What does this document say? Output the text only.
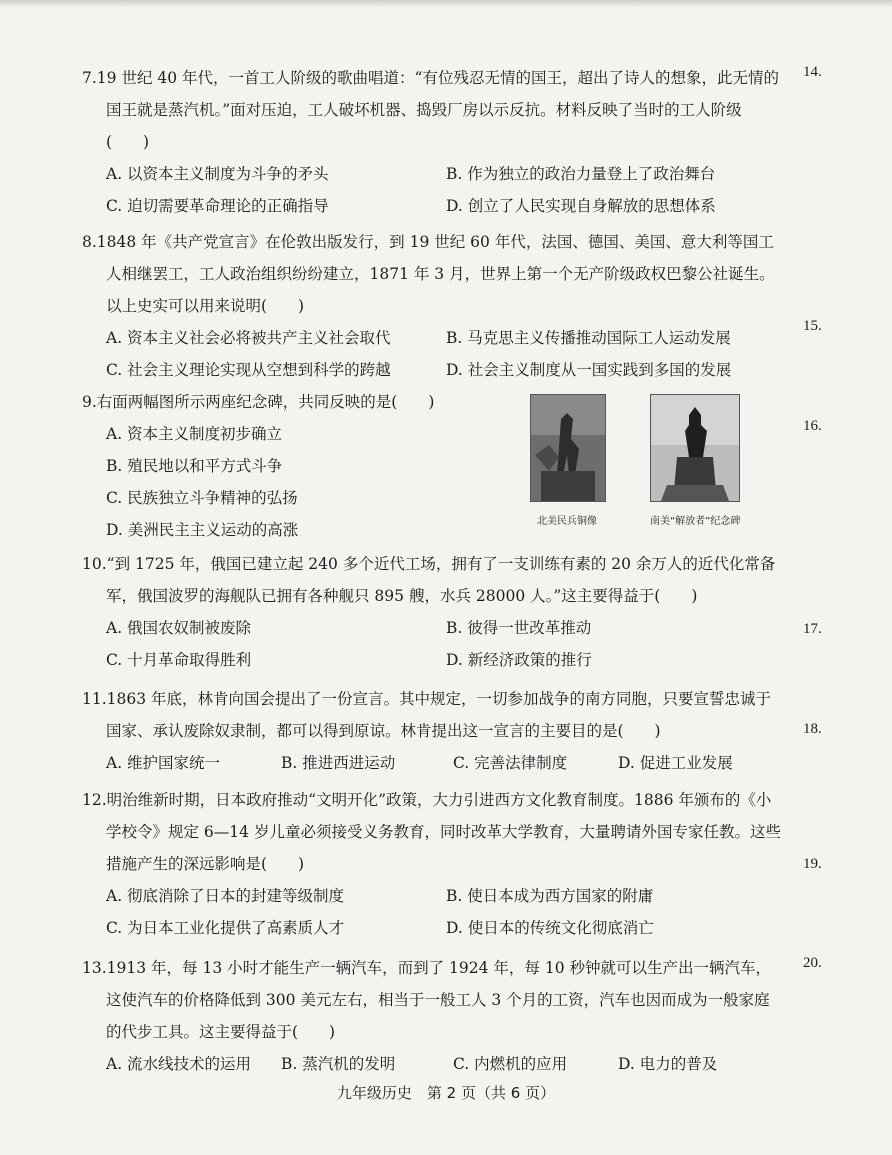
14.
15.
16.
17.
18.
19.
20.

7.19 世纪 40 年代，一首工人阶级的歌曲唱道：“有位残忍无情的国王，超出了诗人的想象，此无情的国王就是蒸汽机。”面对压迫，工人破坏机器、捣毁厂房以示反抗。材料反映了当时的工人阶级(　　)

A. 以资本主义制度为斗争的矛头	B. 作为独立的政治力量登上了政治舞台
C. 迫切需要革命理论的正确指导	D. 创立了人民实现自身解放的思想体系

8.1848 年《共产党宣言》在伦敦出版发行，到 19 世纪 60 年代，法国、德国、美国、意大利等国工人相继罢工，工人政治组织纷纷建立，1871 年 3 月，世界上第一个无产阶级政权巴黎公社诞生。以上史实可以用来说明(　　)

A. 资本主义社会必将被共产主义社会取代	B. 马克思主义传播推动国际工人运动发展
C. 社会主义理论实现从空想到科学的跨越	D. 社会主义制度从一国实践到多国的发展

9.右面两幅图所示两座纪念碑，共同反映的是(　　)

A. 资本主义制度初步确立
B. 殖民地以和平方式斗争
C. 民族独立斗争精神的弘扬
D. 美洲民主主义运动的高涨	北美民兵铜像	南美“解放者”纪念碑

10.“到 1725 年，俄国已建立起 240 多个近代工场，拥有了一支训练有素的 20 余万人的近代化常备军，俄国波罗的海舰队已拥有各种舰只 895 艘，水兵 28000 人。”这主要得益于(　　)

A. 俄国农奴制被废除	B. 彼得一世改革推动
C. 十月革命取得胜利	D. 新经济政策的推行

11.1863 年底，林肯向国会提出了一份宣言。其中规定，一切参加战争的南方同胞，只要宣誓忠诚于国家、承认废除奴隶制，都可以得到原谅。林肯提出这一宣言的主要目的是(　　)

A. 维护国家统一	B. 推进西进运动	C. 完善法律制度	D. 促进工业发展

12.明治维新时期，日本政府推动“文明开化”政策，大力引进西方文化教育制度。1886 年颁布的《小学校令》规定 6—14 岁儿童必须接受义务教育，同时改革大学教育，大量聘请外国专家任教。这些措施产生的深远影响是(　　)

A. 彻底消除了日本的封建等级制度	B. 使日本成为西方国家的附庸
C. 为日本工业化提供了高素质人才	D. 使日本的传统文化彻底消亡

13.1913 年，每 13 小时才能生产一辆汽车，而到了 1924 年，每 10 秒钟就可以生产出一辆汽车，这使汽车的价格降低到 300 美元左右，相当于一般工人 3 个月的工资，汽车也因而成为一般家庭的代步工具。这主要得益于(　　)

A. 流水线技术的运用	B. 蒸汽机的发明	C. 内燃机的应用	D. 电力的普及
九年级历史　第 2 页（共 6 页）
